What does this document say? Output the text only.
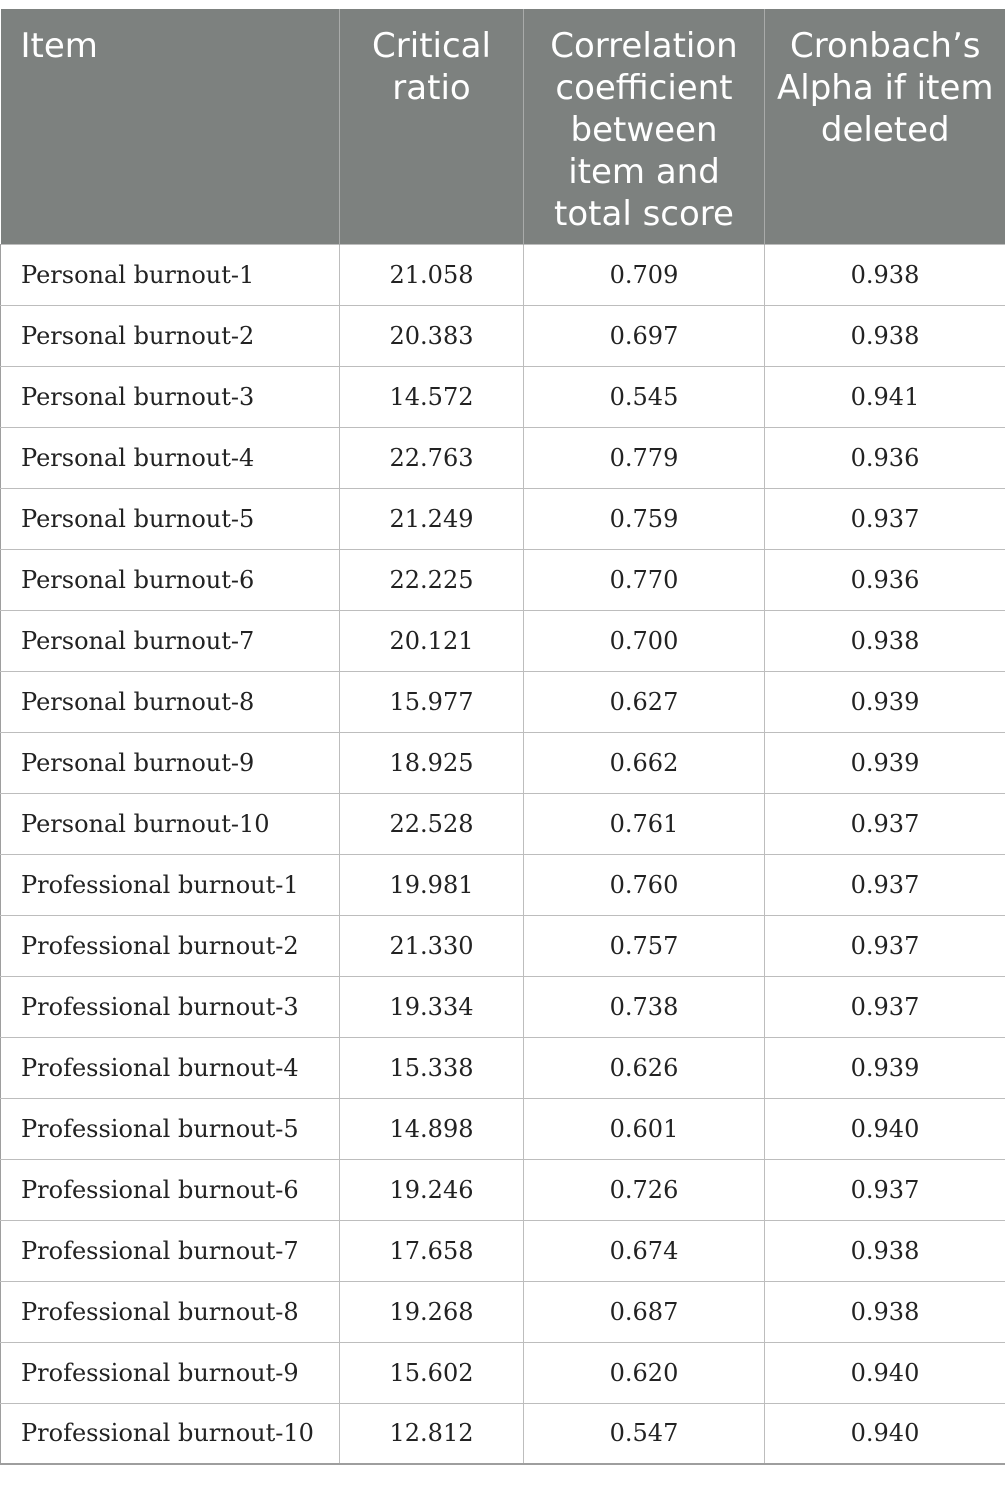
Item	Critical ratio	Correlation coefficient between item and total score	Cronbach’s Alpha if item deleted
Personal burnout-1	21.058	0.709	0.938
Personal burnout-2	20.383	0.697	0.938
Personal burnout-3	14.572	0.545	0.941
Personal burnout-4	22.763	0.779	0.936
Personal burnout-5	21.249	0.759	0.937
Personal burnout-6	22.225	0.770	0.936
Personal burnout-7	20.121	0.700	0.938
Personal burnout-8	15.977	0.627	0.939
Personal burnout-9	18.925	0.662	0.939
Personal burnout-10	22.528	0.761	0.937
Professional burnout-1	19.981	0.760	0.937
Professional burnout-2	21.330	0.757	0.937
Professional burnout-3	19.334	0.738	0.937
Professional burnout-4	15.338	0.626	0.939
Professional burnout-5	14.898	0.601	0.940
Professional burnout-6	19.246	0.726	0.937
Professional burnout-7	17.658	0.674	0.938
Professional burnout-8	19.268	0.687	0.938
Professional burnout-9	15.602	0.620	0.940
Professional burnout-10	12.812	0.547	0.940
